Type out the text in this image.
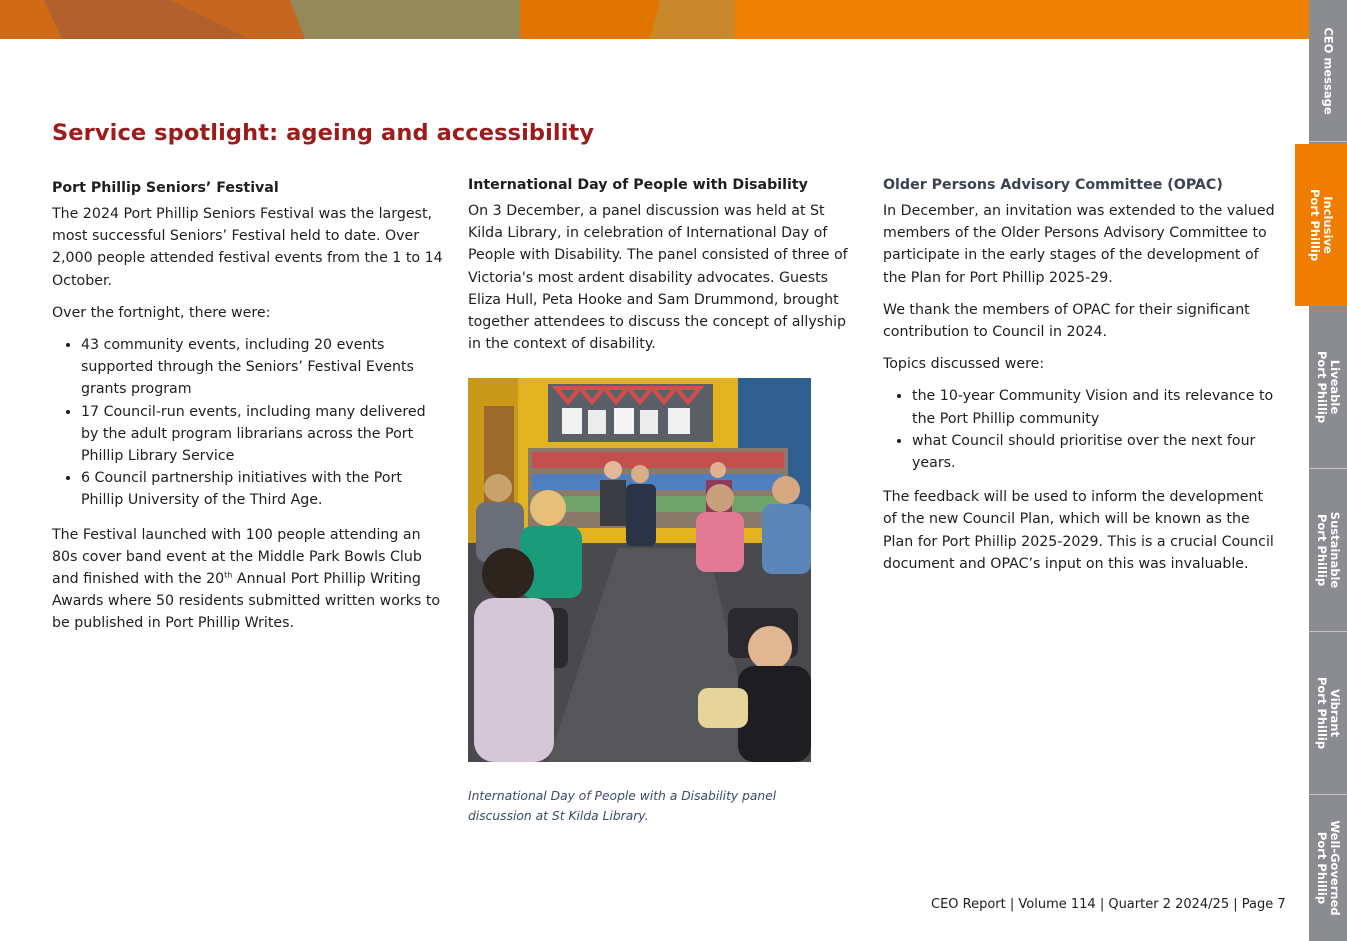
Service spotlight: ageing and accessibility
Port Phillip Seniors’ Festival

The 2024 Port Phillip Seniors Festival was the largest, most successful Seniors’ Festival held to date. Over 2,000 people attended festival events from the 1 to 14 October.

Over the fortnight, there were:

• 43 community events, including 20 events supported through the Seniors’ Festival Events grants program
• 17 Council-run events, including many delivered by the adult program librarians across the Port Phillip Library Service
• 6 Council partnership initiatives with the Port Phillip University of the Third Age.

The Festival launched with 100 people attending an 80s cover band event at the Middle Park Bowls Club and finished with the 20th Annual Port Phillip Writing Awards where 50 residents submitted written works to be published in Port Phillip Writes.

International Day of People with Disability

On 3 December, a panel discussion was held at St Kilda Library, in celebration of International Day of People with Disability. The panel consisted of three of Victoria's most ardent disability advocates. Guests Eliza Hull, Peta Hooke and Sam Drummond, brought together attendees to discuss the concept of allyship in the context of disability.

International Day of People with a Disability panel discussion at St Kilda Library.

Older Persons Advisory Committee (OPAC)

In December, an invitation was extended to the valued members of the Older Persons Advisory Committee to participate in the early stages of the development of the Plan for Port Phillip 2025-29.

We thank the members of OPAC for their significant contribution to Council in 2024.

Topics discussed were:

• the 10-year Community Vision and its relevance to the Port Phillip community
• what Council should prioritise over the next four years.

The feedback will be used to inform the development of the new Council Plan, which will be known as the Plan for Port Phillip 2025-2029. This is a crucial Council document and OPAC’s input on this was invaluable.

CEO Report | Volume 114 | Quarter 2 2024/25 | Page 7
CEO message
Inclusive
Port Phillip
Liveable
Port Phillip
Sustainable
Port Phillip
Vibrant
Port Phillip
Well-Governed
Port Phillip
